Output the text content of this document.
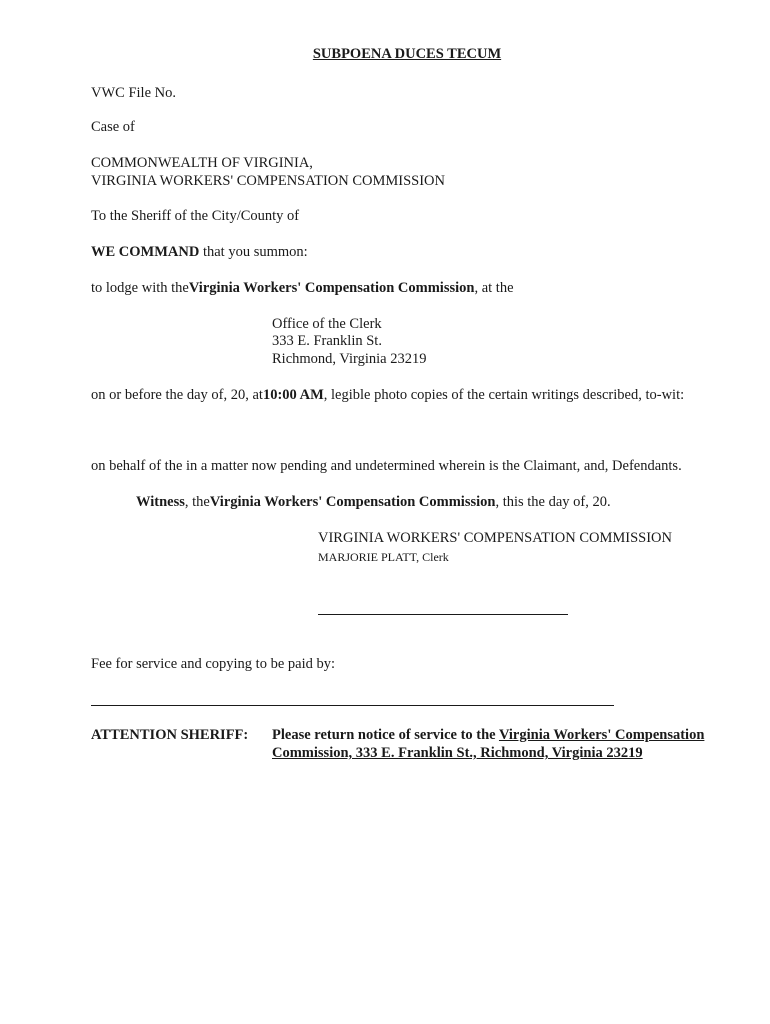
SUBPOENA DUCES TECUM
VWC File No.
Case of
COMMONWEALTH OF VIRGINIA,
VIRGINIA WORKERS' COMPENSATION COMMISSION
To the Sheriff of the City/County of
WE COMMAND that you summon:
to lodge with theVirginia Workers' Compensation Commission, at the
Office of the Clerk
333 E. Franklin St.
Richmond, Virginia 23219
on or before the day of, 20, at10:00 AM, legible photo copies of the certain writings described, to-wit:
on behalf of the in a matter now pending and undetermined wherein is the Claimant, and, Defendants.
Witness, theVirginia Workers' Compensation Commission, this the day of, 20.
VIRGINIA WORKERS' COMPENSATION COMMISSION
MARJORIE PLATT, Clerk
Fee for service and copying to be paid by:
ATTENTION SHERIFF: Please return notice of service to the Virginia Workers' Compensation
Commission, 333 E. Franklin St., Richmond, Virginia 23219
